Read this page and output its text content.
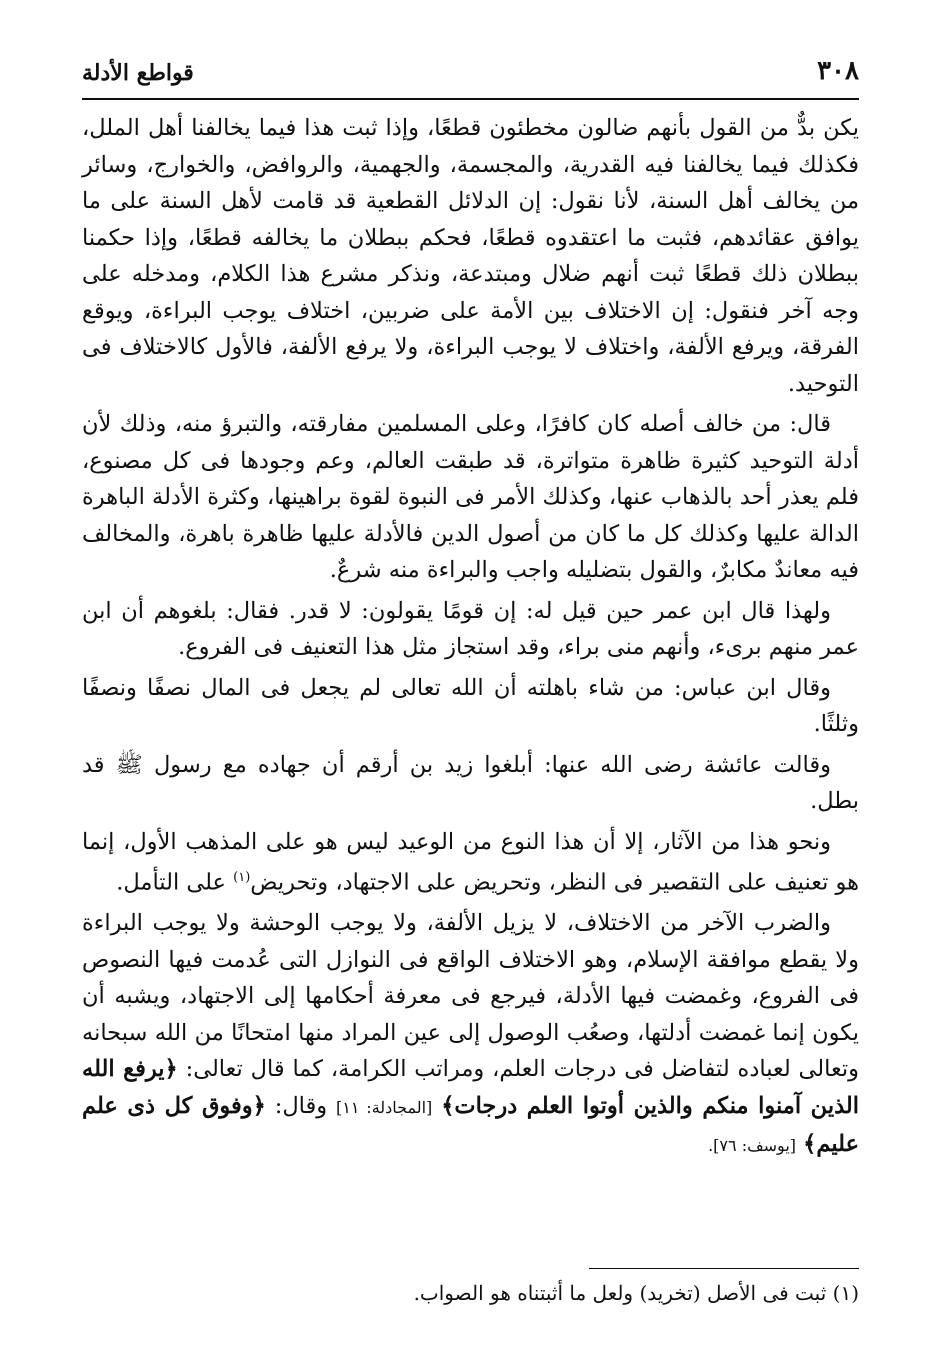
قواطع الأدلة	٣٠٨

يكن بدٌّ من القول بأنهم ضالون مخطئون قطعًا، وإذا ثبت هذا فيما يخالفنا أهل الملل، فكذلك فيما يخالفنا فيه القدرية، والمجسمة، والجهمية، والروافض، والخوارج، وسائر من يخالف أهل السنة، لأنا نقول: إن الدلائل القطعية قد قامت لأهل السنة على ما يوافق عقائدهم، فثبت ما اعتقدوه قطعًا، فحكم ببطلان ما يخالفه قطعًا، وإذا حكمنا ببطلان ذلك قطعًا ثبت أنهم ضلال ومبتدعة، ونذكر مشرع هذا الكلام، ومدخله على وجه آخر فنقول: إن الاختلاف بين الأمة على ضربين، اختلاف يوجب البراءة، ويوقع الفرقة، ويرفع الألفة، واختلاف لا يوجب البراءة، ولا يرفع الألفة، فالأول كالاختلاف فى التوحيد.

قال: من خالف أصله كان كافرًا، وعلى المسلمين مفارقته، والتبرؤ منه، وذلك لأن أدلة التوحيد كثيرة ظاهرة متواترة، قد طبقت العالم، وعم وجودها فى كل مصنوع، فلم يعذر أحد بالذهاب عنها، وكذلك الأمر فى النبوة لقوة براهينها، وكثرة الأدلة الباهرة الدالة عليها وكذلك كل ما كان من أصول الدين فالأدلة عليها ظاهرة باهرة، والمخالف فيه معاندٌ مكابرٌ، والقول بتضليله واجب والبراءة منه شرعٌ.

ولهذا قال ابن عمر حين قيل له: إن قومًا يقولون: لا قدر. فقال: بلغوهم أن ابن عمر منهم برىء، وأنهم منى براء، وقد استجاز مثل هذا التعنيف فى الفروع.

وقال ابن عباس: من شاء باهلته أن الله تعالى لم يجعل فى المال نصفًا ونصفًا وثلثًا.

وقالت عائشة رضى الله عنها: أبلغوا زيد بن أرقم أن جهاده مع رسول ﷺ قد بطل.

ونحو هذا من الآثار، إلا أن هذا النوع من الوعيد ليس هو على المذهب الأول، إنما هو تعنيف على التقصير فى النظر، وتحريض على الاجتهاد، وتحريض$^{(١)}$ على التأمل.

والضرب الآخر من الاختلاف، لا يزيل الألفة، ولا يوجب الوحشة ولا يوجب البراءة ولا يقطع موافقة الإسلام، وهو الاختلاف الواقع فى النوازل التى عُدمت فيها النصوص فى الفروع، وغمضت فيها الأدلة، فيرجع فى معرفة أحكامها إلى الاجتهاد، ويشبه أن يكون إنما غمضت أدلتها، وصعُب الوصول إلى عين المراد منها امتحانًا من الله سبحانه وتعالى لعباده لتفاضل فى درجات العلم، ومراتب الكرامة، كما قال تعالى: ﴿يرفع الله الذين آمنوا منكم والذين أوتوا العلم درجات﴾ [المجادلة: ١١] وقال: ﴿وفوق كل ذى علم عليم﴾ [يوسف: ٧٦].

(١) ثبت فى الأصل (تخريد) ولعل ما أثبتناه هو الصواب.
